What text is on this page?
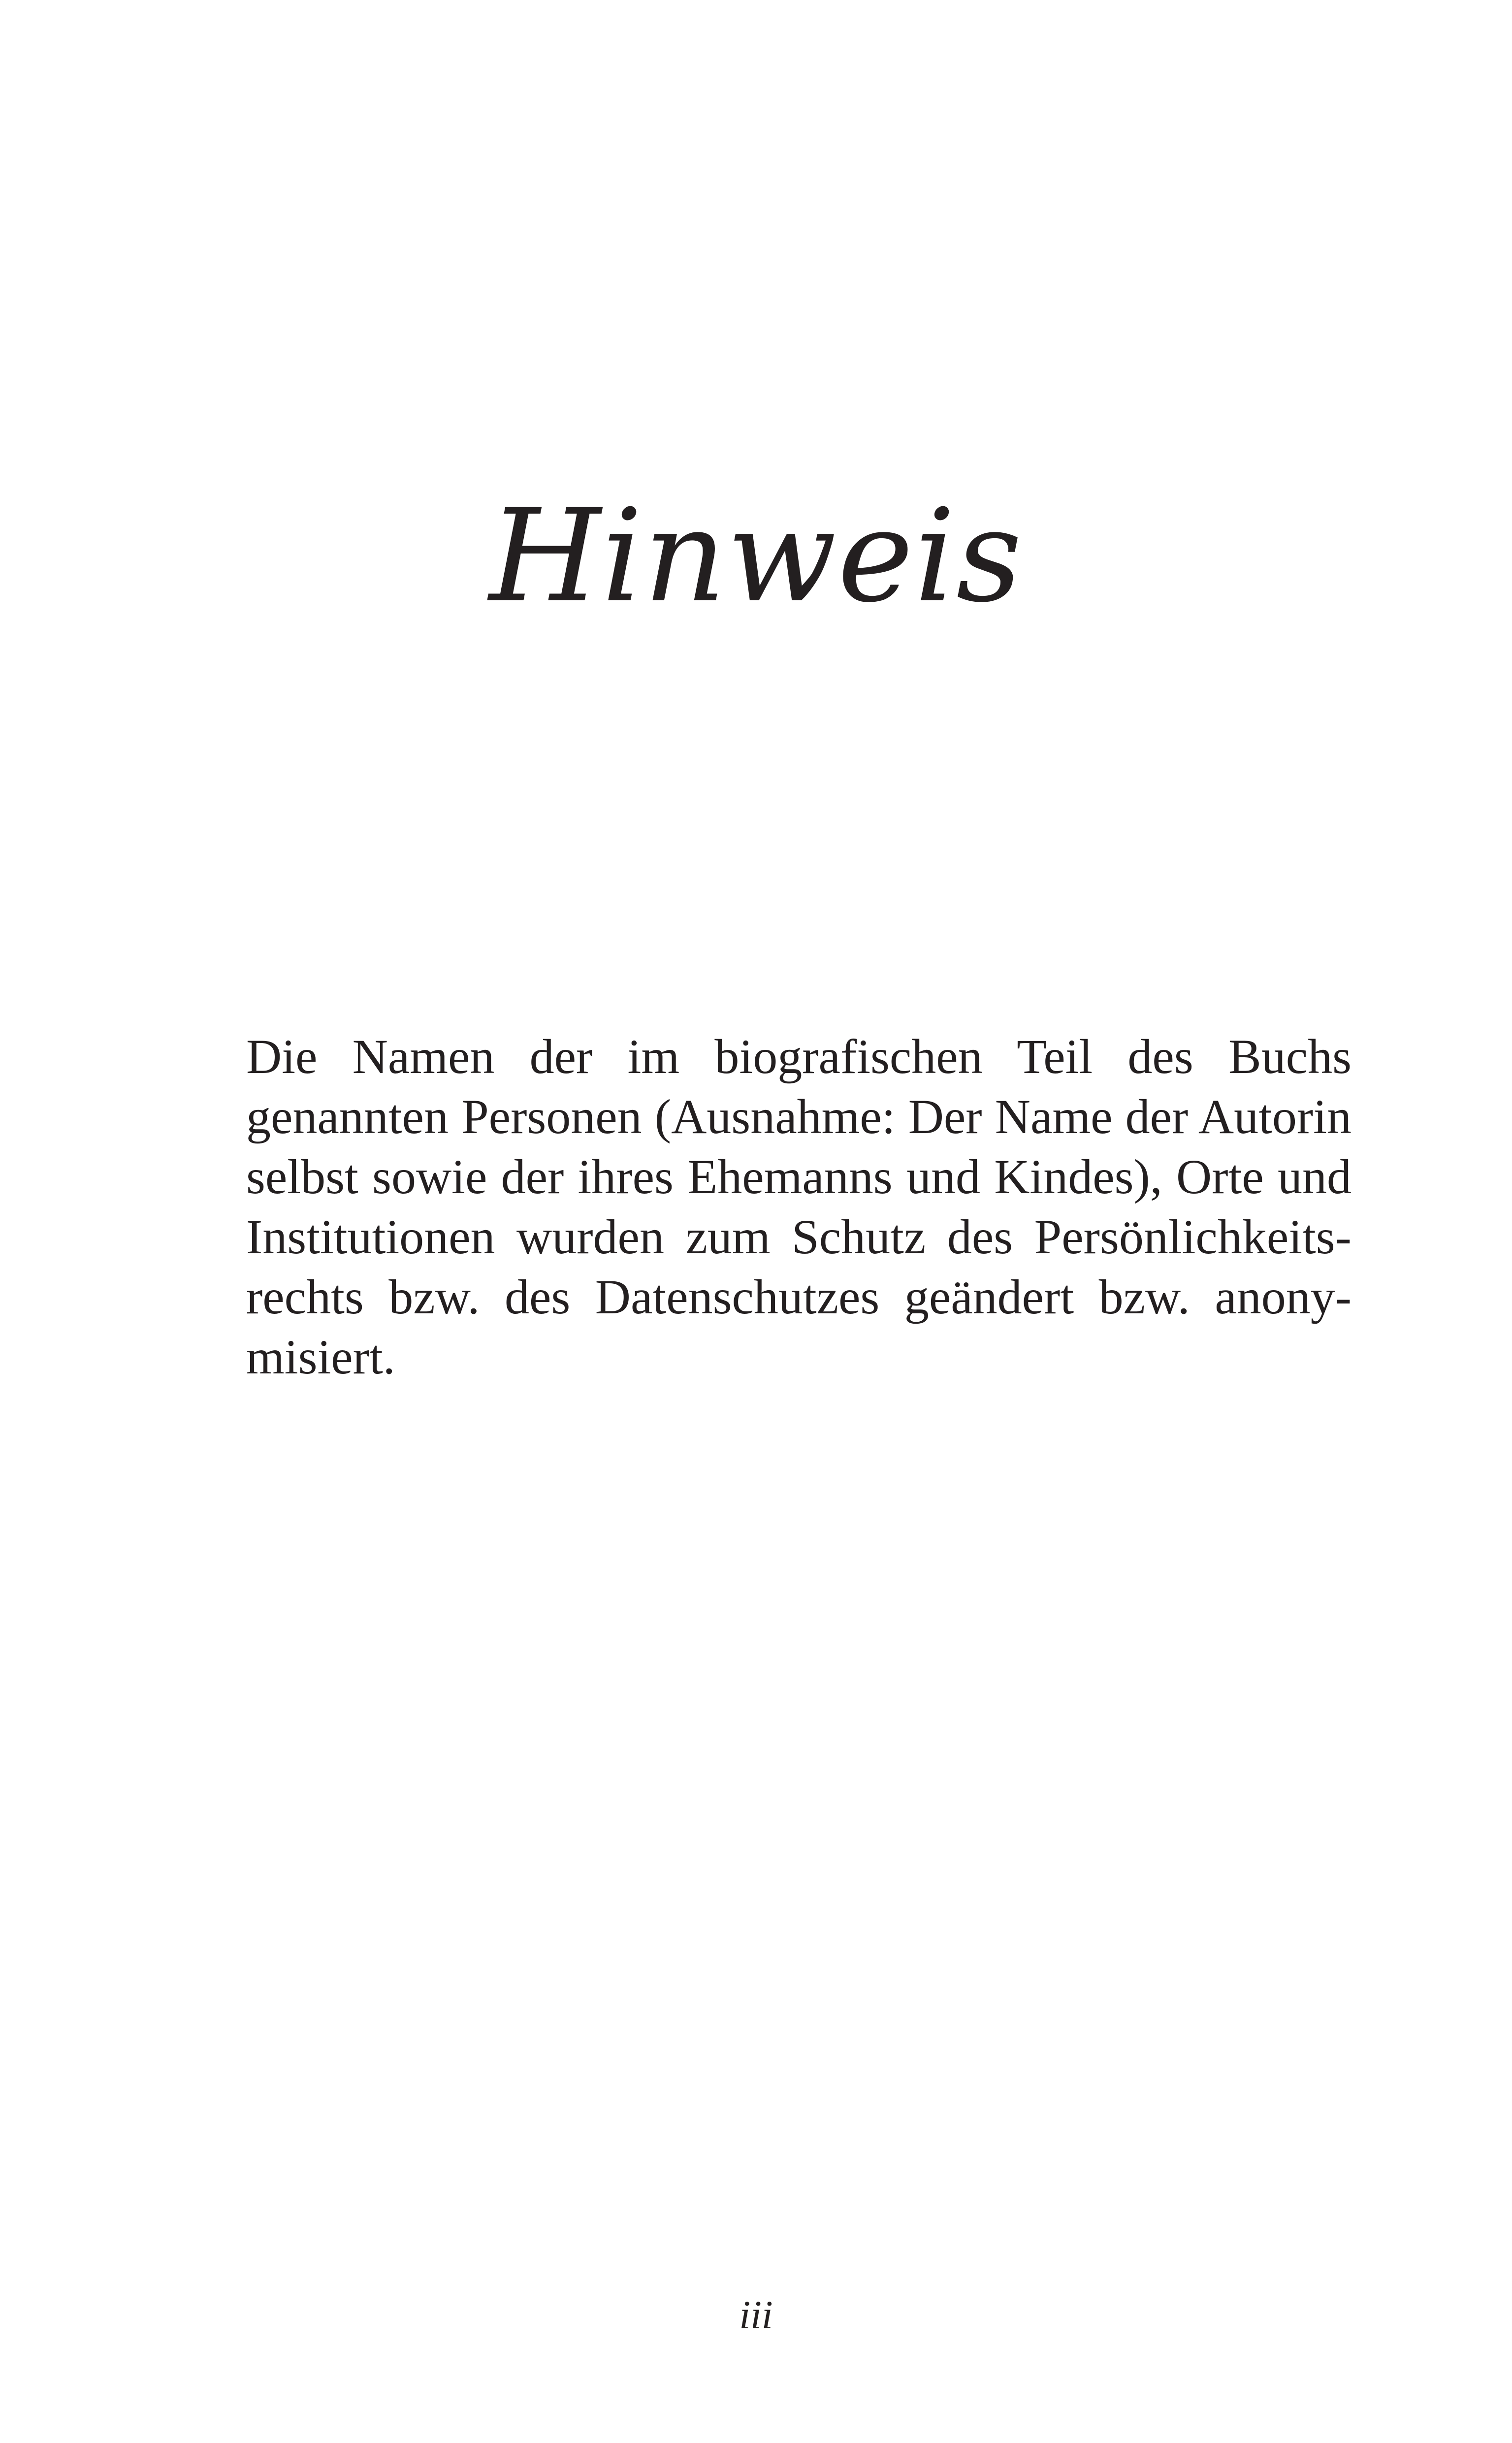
Hinweis
Die Namen der im biografischen Teil des Buchs
genannten Personen (Ausnahme: Der Name der Autorin
selbst sowie der ihres Ehemanns und Kindes), Orte und
Institutionen wurden zum Schutz des Persönlichkeits-
rechts bzw. des Datenschutzes geändert bzw. anony-
misiert.
iii
